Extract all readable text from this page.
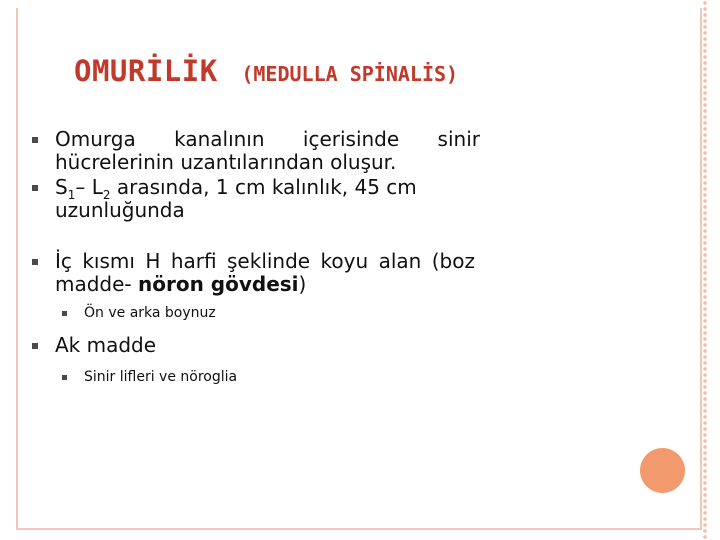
OMURİLİK (MEDULLA SPİNALİS)

Omurga kanalının içerisinde sinir hücrelerinin uzantılarından oluşur.

$S_1-$ $L_2$ arasında, 1 cm kalınlık, 45 cm uzunluğunda

İç kısmı H harfi şeklinde koyu alan (boz madde- nöron gövdesi)

Ön ve arka boynuz

Ak madde

Sinir lifleri ve nöroglia
